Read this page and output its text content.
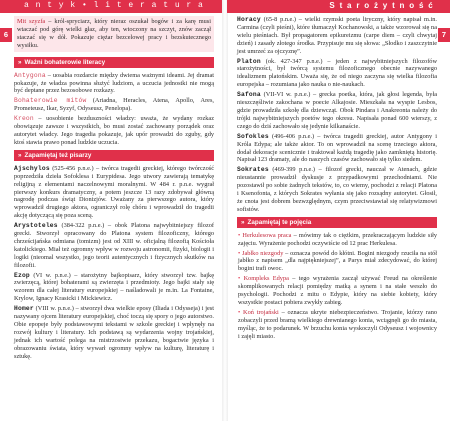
a n t y k • l i t e r a t u r a
6
Mit szyzfa – król-spryciarz, który nieraz oszukał bogów i za karę musi wtaczać pod górę wielki głaz, aby ten, wtoczony na szczyt, znów zaczął staczać się w dół. Pokazuje ciężar bezcelowej pracy i bezskutecznego wysiłku.
» Ważni bohaterowie literacy
Antygona – uosabia rozdarcie między dwiema ważnymi ideami. Jej dramat pokazuje, że władza powinna służyć ludziom, a uczucia jednostki nie mogą być deptane przez bezosobowe rozkazy.
Bohaterowie mitów (Ariadna, Heracles, Atena, Apollo, Ares, Prometeusz, Ikar, Syzyf, Odyseusz, Penelopa).
Kreon – uosobienie bezduszności władzy: uważa, że wydany rozkaz obowiązuje zawsze i wszystkich, bo musi zostać zachowany porządek oraz autorytet władcy. Jego tragedia pokazuje, jak upór prowadzi do zguby, gdy ktoś stawia prawo ponad ludzkie uczucia.
» Zapamiętaj też pisarzy
Ajschylos (525-456 p.n.e.) – twórca tragedii greckiej, którego twórczość poprzedziła dzieła Sofoklesa i Eurypidesa. Jego utwory zawierają tematykę religijną z elementami naczelnowymi moralnymi. W 484 r. p.n.e. wygrał pierwszy konkurs dramatyczny, a potem jeszcze 13 razy zdobywał główną nagrodę podczas świąt Dionizjów. Uważany za pierwszego autora, który wprowadził drugiego aktora, ograniczył rolę chóru i wprowadził do tragedii akcję dotyczącą się poza sceną.
Arystoteles (384-322 p.n.e.) – obok Platona najwybitniejszy filozof grecki. Stworzył opracowany do Platona system filozoficzny, którego chrześcijańska odmiana (tomizm) jest od XIII w. oficjalną filozofią Kościoła katolickiego. Miał też ogromny wpływ w rozwoju astronomii, fizyki, biologii i logiki (nieomal wszystko, jego teorii autentycznych i fizycznych skutków na filozofii.
Ezop (VI w. p.n.e.) – starożytny bajkopisarz, który stworzył tzw. bajkę zwierzęcą, której bohaterami są zwierzęta i przedmioty. Jego bajki stały się wzorem dla całej literatury europejskiej – naśladowali je m.in. La Fontaine, Krylow, Ignacy Krasicki i Mickiewicz.
Homer (VIII w. p.n.e.) – stworzył dwa wielkie eposy (Iliada i Odysseja) i jest nazywany ojcem literatury europejskiej, choć toczą się spory o jego autorstwo. Obie epopeje były podstawowymi tekstami w szkole greckiej i wpłynęły na rozwój kultury i literatury. Ich podstawą są wydarzenia wojny trojańskiej, jednak ich wartość polega na mistrzostwie przekazu, bogactwie języka i obrazowaniu świata, który wywarł ogromny wpływ na kulturę, literaturę i sztukę.
S t a r o ż y t n o ś ć
7
Horacy (65-8 p.n.e.) – wielki rzymski poeta liryczny, który napisał m.in. Carmina (czyli pieśni), które tłumaczył Kochanowski, a także wzorował się na wielu pieśniach. Był propagatorem epikureizmu (carpe diem – czyli chwytaj dzień) i zasady złotego środka. Przypisuje mu się słowa: „Słodko i zaszczytnie jest umrzeć za ojczyznę”.
Platon (ok. 427-347 p.n.e.) – jeden z najwybitniejszych filozofów starożytności, był twórcą systemu filozoficznego obecnie nazywanego idealizmem platońskim. Uważa się, że od niego zaczyna się wielka filozofia europejska – rozumiana jako nauka o nie-naukach.
Safona (VII-VI w. p.n.e.) – grecka poetka, która, jak głosi legenda, była nieszczęśliwie zakochana w poecie Alkajosie. Mieszkała na wyspie Lesbos, gdzie prowadziła szkołę dla dziewcząt. Obok Pindara i Anakreonta należy do trójki najwybitniejszych poetów tego okresu. Napisała ponad 600 wierszy, z czego do dziś zachowało się jedynie kilkanaście.
Sofokles (496-406 p.n.e.) – twórca tragedii greckiej, autor Antygony i Króla Edypa; ale także aktor. To on wprowadził na scenę trzeciego aktora, dodał dekoracje scenicznie i traktował każdą tragedię jako zamkniętą historię. Napisał 123 dramaty, ale do naszych czasów zachowało się tylko siedem.
Sokrates (469-399 p.n.e.) – filozof grecki, nauczał w Atenach, gdzie nieustannie prowadził dyskusje z przypadkowymi przechodniami. Nie pozostawił po sobie żadnych tekstów, to, co wiemy, pochodzi z relacji Platona i Ksenofonta, z których Sokrates wyłania się jako rozsądny autorytet. Głosił, że cnota jest dobrem bezwzględnym, czym przeciwstawiał się relatywizmowi sofistów.
» Zapamiętaj te pojęcia
• Herkulesowa praca – mówimy tak o ciężkim, przekraczającym ludzkie siły zajęciu. Wyrażenie pochodzi oczywiście od 12 prac Herkulesa.
• Jabłko niezgody – oznacza powód do kłótni. Bogini niezgody rzuciła na stół jabłko z napisem „dla najpiękniejszej”, a Parys miał zdecydować, do której bogini trafi owoc.
• Kompleks Edypa – tego wyrażenia zaczął używać Freud na określenie skomplikowanych relacji pomiędzy matką a synem i na stałe weszło do psychologii. Pochodzi z mitu o Edypie, który na siebie kobiety, który wszystkie postaci pobiera zwykły zabieg.
• Koń trojański – oznacza ukryte niebezpieczeństwo. Trojanie, którzy rano zobaczyli przed bramą wielkiego drewnianego konia, wciągnęli go do miasta, myśląc, że to podarunek. W brzuchu konia wyskoczyli Odyseusz i wojownicy i zajęli miasto.
